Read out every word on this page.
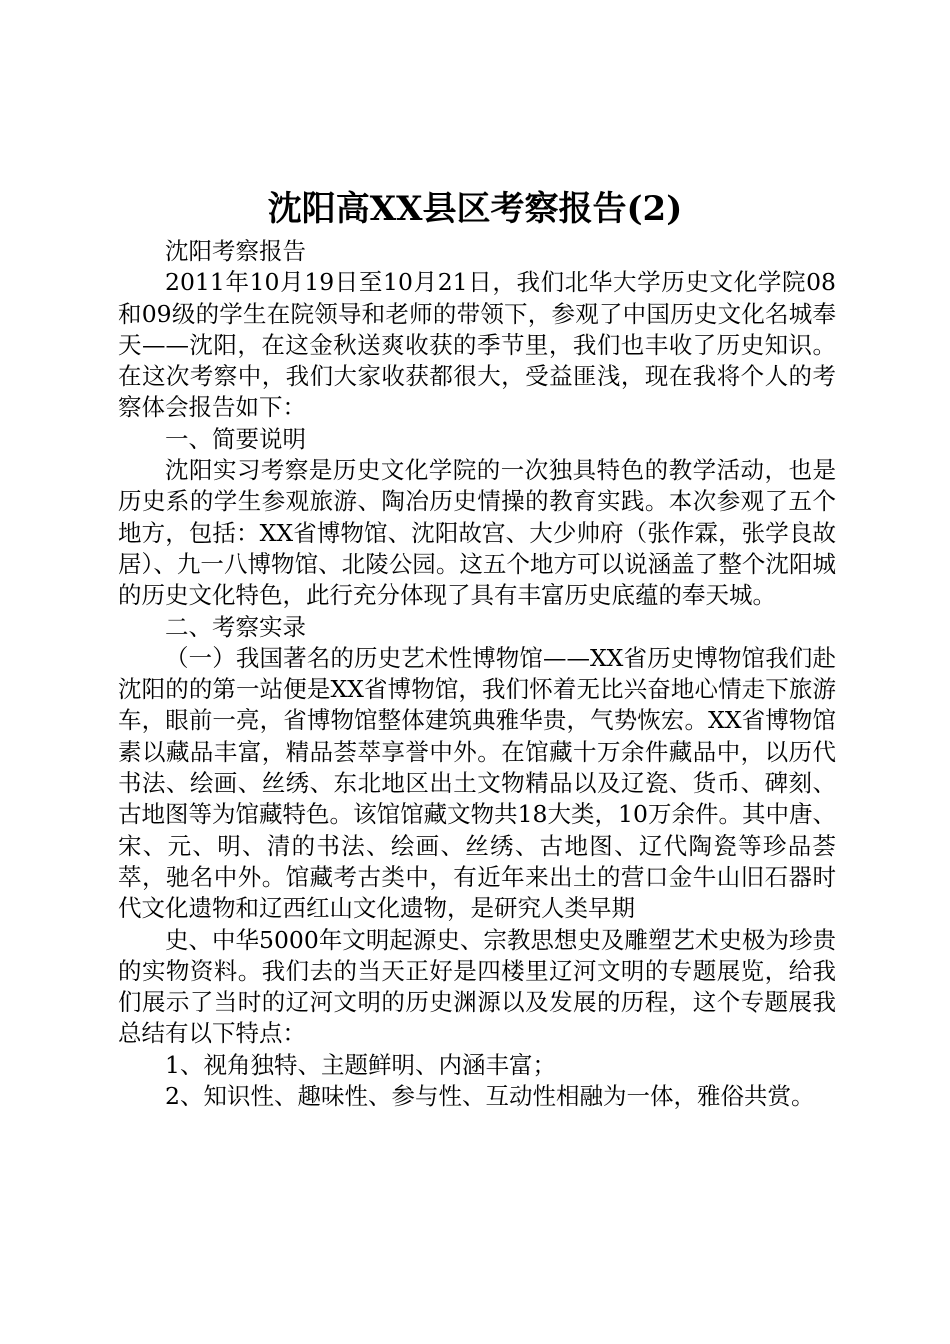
沈阳高XX县区考察报告(2)

沈阳考察报告

2011年10月19日至10月21日，我们北华大学历史文化学院08和09级的学生在院领导和老师的带领下，参观了中国历史文化名城奉天——沈阳，在这金秋送爽收获的季节里，我们也丰收了历史知识。在这次考察中，我们大家收获都很大，受益匪浅，现在我将个人的考察体会报告如下：

一、简要说明

沈阳实习考察是历史文化学院的一次独具特色的教学活动，也是历史系的学生参观旅游、陶冶历史情操的教育实践。本次参观了五个地方，包括：XX省博物馆、沈阳故宫、大少帅府（张作霖，张学良故居）、九一八博物馆、北陵公园。这五个地方可以说涵盖了整个沈阳城的历史文化特色，此行充分体现了具有丰富历史底蕴的奉天城。

二、考察实录

（一）我国著名的历史艺术性博物馆——XX省历史博物馆我们赴沈阳的的第一站便是XX省博物馆，我们怀着无比兴奋地心情走下旅游车，眼前一亮，省博物馆整体建筑典雅华贵，气势恢宏。XX省博物馆素以藏品丰富，精品荟萃享誉中外。在馆藏十万余件藏品中，以历代书法、绘画、丝绣、东北地区出土文物精品以及辽瓷、货币、碑刻、古地图等为馆藏特色。该馆馆藏文物共18大类，10万余件。其中唐、宋、元、明、清的书法、绘画、丝绣、古地图、辽代陶瓷等珍品荟萃，驰名中外。馆藏考古类中，有近年来出土的营口金牛山旧石器时代文化遗物和辽西红山文化遗物，是研究人类早期

史、中华5000年文明起源史、宗教思想史及雕塑艺术史极为珍贵的实物资料。我们去的当天正好是四楼里辽河文明的专题展览，给我们展示了当时的辽河文明的历史渊源以及发展的历程，这个专题展我总结有以下特点：

1、视角独特、主题鲜明、内涵丰富；

2、知识性、趣味性、参与性、互动性相融为一体，雅俗共赏。
